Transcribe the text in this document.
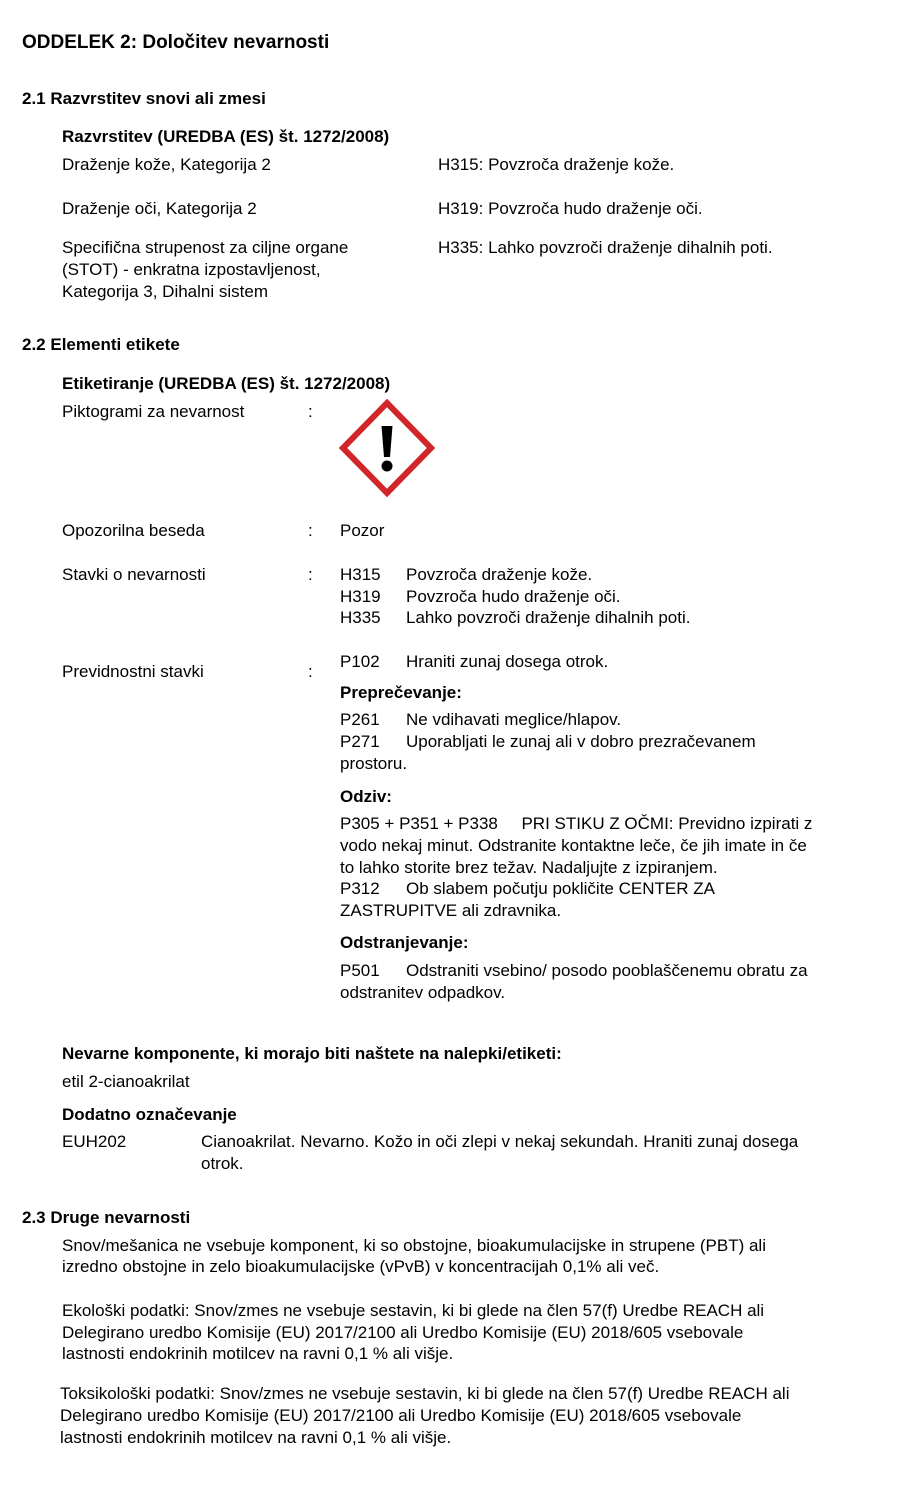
ODDELEK 2: Določitev nevarnosti
2.1 Razvrstitev snovi ali zmesi
Razvrstitev (UREDBA (ES) št. 1272/2008)
Draženje kože, Kategorija 2	H315: Povzroča draženje kože.
Draženje oči, Kategorija 2	H319: Povzroča hudo draženje oči.
Specifična strupenost za ciljne organe
(STOT) - enkratna izpostavljenost,
Kategorija 3, Dihalni sistem
H335: Lahko povzroči draženje dihalnih poti.
2.2 Elementi etikete
Etiketiranje (UREDBA (ES) št. 1272/2008)
Piktogrami za nevarnost	:
Opozorilna beseda	: Pozor
Stavki o nevarnosti	: H315 Povzroča draženje kože.
H319 Povzroča hudo draženje oči.
H335 Lahko povzroči draženje dihalnih poti.
Previdnostni stavki	:
P102 Hraniti zunaj dosega otrok.
Preprečevanje:
P261 Ne vdihavati meglice/hlapov.
P271 Uporabljati le zunaj ali v dobro prezračevanem
prostoru.
Odziv:
P305 + P351 + P338     PRI STIKU Z OČMI: Previdno izpirati z
vodo nekaj minut. Odstranite kontaktne leče, če jih imate in če
to lahko storite brez težav. Nadaljujte z izpiranjem.
P312 Ob slabem počutju pokličite CENTER ZA
ZASTRUPITVE ali zdravnika.
Odstranjevanje:
P501 Odstraniti vsebino/ posodo pooblaščenemu obratu za
odstranitev odpadkov.
Nevarne komponente, ki morajo biti naštete na nalepki/etiketi:
etil 2-cianoakrilat
Dodatno označevanje
EUH202	Cianoakrilat. Nevarno. Kožo in oči zlepi v nekaj sekundah. Hraniti zunaj dosega
otrok.
2.3 Druge nevarnosti
Snov/mešanica ne vsebuje komponent, ki so obstojne, bioakumulacijske in strupene (PBT) ali
izredno obstojne in zelo bioakumulacijske (vPvB) v koncentracijah 0,1% ali več.
Ekološki podatki: Snov/zmes ne vsebuje sestavin, ki bi glede na člen 57(f) Uredbe REACH ali
Delegirano uredbo Komisije (EU) 2017/2100 ali Uredbo Komisije (EU) 2018/605 vsebovale
lastnosti endokrinih motilcev na ravni 0,1 % ali višje.
Toksikološki podatki: Snov/zmes ne vsebuje sestavin, ki bi glede na člen 57(f) Uredbe REACH ali
Delegirano uredbo Komisije (EU) 2017/2100 ali Uredbo Komisije (EU) 2018/605 vsebovale
lastnosti endokrinih motilcev na ravni 0,1 % ali višje.
